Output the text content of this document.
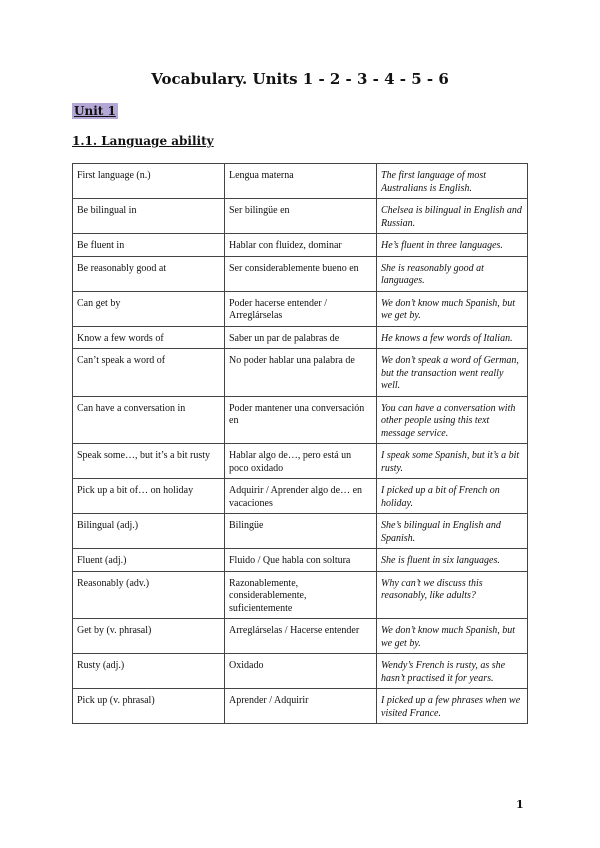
Vocabulary. Units 1 - 2 - 3 - 4 - 5 - 6
Unit 1
1.1. Language ability
First language (n.)	Lengua materna	The first language of most Australians is English.
Be bilingual in	Ser bilingüe en	Chelsea is bilingual in English and Russian.
Be fluent in	Hablar con fluidez, dominar	He’s fluent in three languages.
Be reasonably good at	Ser considerablemente bueno en	She is reasonably good at languages.
Can get by	Poder hacerse entender / Arreglárselas	We don’t know much Spanish, but we get by.
Know a few words of	Saber un par de palabras de	He knows a few words of Italian.
Can’t speak a word of	No poder hablar una palabra de	We don’t speak a word of German, but the transaction went really well.
Can have a conversation in	Poder mantener una conversación en	You can have a conversation with other people using this text message service.
Speak some…, but it’s a bit rusty	Hablar algo de…, pero está un poco oxidado	I speak some Spanish, but it’s a bit rusty.
Pick up a bit of… on holiday	Adquirir / Aprender algo de… en vacaciones	I picked up a bit of French on holiday.
Bilingual (adj.)	Bilingüe	She’s bilingual in English and Spanish.
Fluent (adj.)	Fluido / Que habla con soltura	She is fluent in six languages.
Reasonably (adv.)	Razonablemente, considerablemente, suficientemente	Why can’t we discuss this reasonably, like adults?
Get by (v. phrasal)	Arreglárselas / Hacerse entender	We don’t know much Spanish, but we get by.
Rusty (adj.)	Oxidado	Wendy’s French is rusty, as she hasn’t practised it for years.
Pick up (v. phrasal)	Aprender / Adquirir	I picked up a few phrases when we visited France.
1
